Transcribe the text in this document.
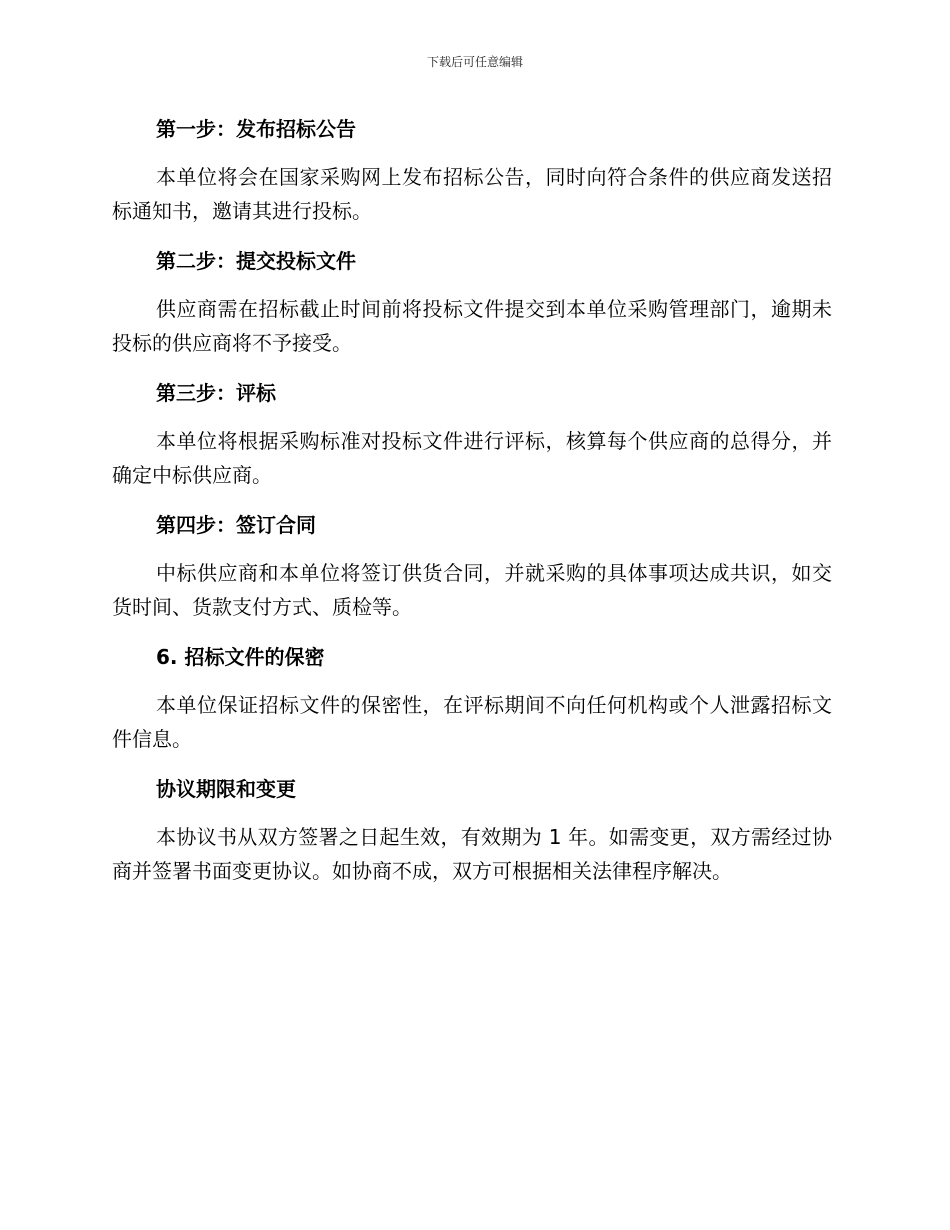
下载后可任意编辑
第一步：发布招标公告

本单位将会在国家采购网上发布招标公告，同时向符合条件的供应商发送招标通知书，邀请其进行投标。

第二步：提交投标文件

供应商需在招标截止时间前将投标文件提交到本单位采购管理部门，逾期未投标的供应商将不予接受。

第三步：评标

本单位将根据采购标准对投标文件进行评标，核算每个供应商的总得分，并确定中标供应商。

第四步：签订合同

中标供应商和本单位将签订供货合同，并就采购的具体事项达成共识，如交货时间、货款支付方式、质检等。

6. 招标文件的保密

本单位保证招标文件的保密性，在评标期间不向任何机构或个人泄露招标文件信息。

协议期限和变更

本协议书从双方签署之日起生效，有效期为 1 年。如需变更，双方需经过协商并签署书面变更协议。如协商不成，双方可根据相关法律程序解决。
